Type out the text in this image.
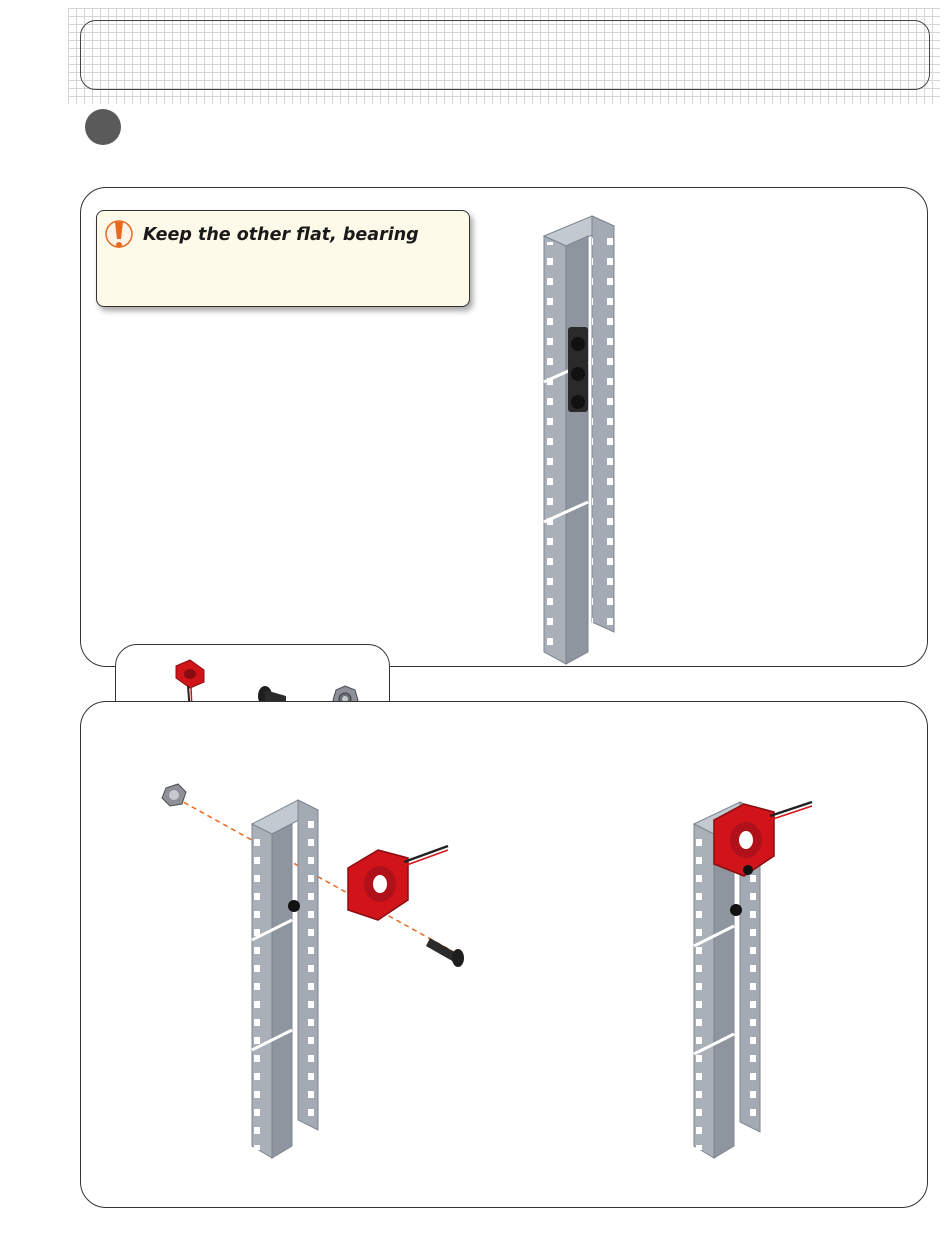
Keep the other flat, bearing
